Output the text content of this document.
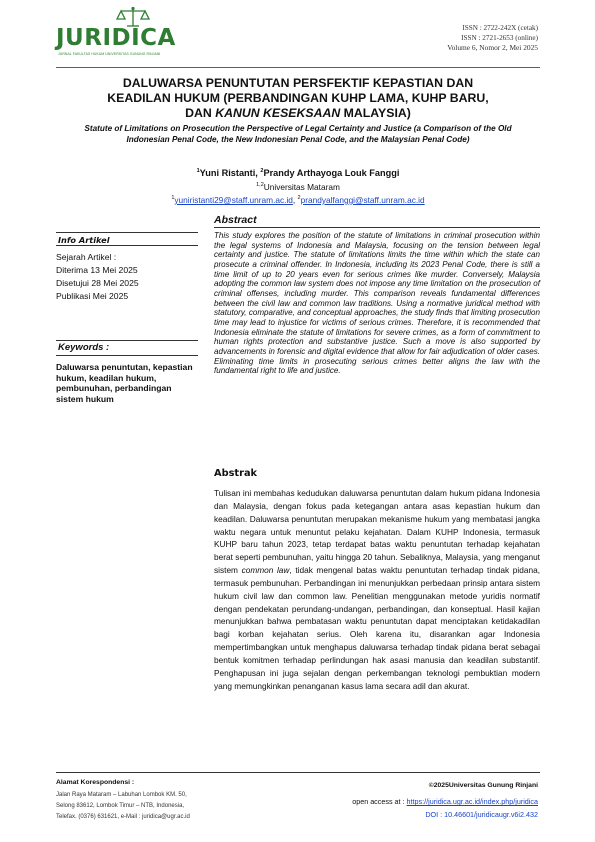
JURIDICA
JURNAL FAKULTAS HUKUM UNIVERSITAS GUNUNG RINJANI
ISSN : 2722-242X (cetak)
ISSN : 2721-2653 (online)
Volume 6, Nomor 2, Mei 2025
DALUWARSA PENUNTUTAN PERSFEKTIF KEPASTIAN DAN
KEADILAN HUKUM (PERBANDINGAN KUHP LAMA, KUHP BARU,
DAN KANUN KESEKSAAN MALAYSIA)
Statute of Limitations on Prosecution the Perspective of Legal Certainty and Justice (a Comparison of the Old Indonesian Penal Code, the New Indonesian Penal Code, and the Malaysian Penal Code)
$^1$Yuni Ristanti, $^2$Prandy Arthayoga Louk Fanggi
$^{1,2}$Universitas Mataram
$^1$yuniristanti29@staff.unram.ac.id, $^2$prandyalfanggi@staff.unram.ac.id
Info Artikel
Sejarah Artikel :
Diterima 13 Mei 2025
Disetujui 28 Mei 2025
Publikasi Mei 2025
Keywords :
Daluwarsa penuntutan, kepastian hukum, keadilan hukum, pembunuhan, perbandingan sistem hukum
Abstract
This study explores the position of the statute of limitations in criminal prosecution within the legal systems of Indonesia and Malaysia, focusing on the tension between legal certainty and justice. The statute of limitations limits the time within which the state can prosecute a criminal offender. In Indonesia, including its 2023 Penal Code, there is still a time limit of up to 20 years even for serious crimes like murder. Conversely, Malaysia adopting the common law system does not impose any time limitation on the prosecution of criminal offenses, including murder. This comparison reveals fundamental differences between the civil law and common law traditions. Using a normative juridical method with statutory, comparative, and conceptual approaches, the study finds that limiting prosecution time may lead to injustice for victims of serious crimes. Therefore, it is recommended that Indonesia eliminate the statute of limitations for severe crimes, as a form of commitment to human rights protection and substantive justice. Such a move is also supported by advancements in forensic and digital evidence that allow for fair adjudication of older cases. Eliminating time limits in prosecuting serious crimes better aligns the law with the fundamental right to life and justice.
Abstrak
Tulisan ini membahas kedudukan daluwarsa penuntutan dalam hukum pidana Indonesia dan Malaysia, dengan fokus pada ketegangan antara asas kepastian hukum dan keadilan. Daluwarsa penuntutan merupakan mekanisme hukum yang membatasi jangka waktu negara untuk menuntut pelaku kejahatan. Dalam KUHP Indonesia, termasuk KUHP baru tahun 2023, tetap terdapat batas waktu penuntutan terhadap kejahatan berat seperti pembunuhan, yaitu hingga 20 tahun. Sebaliknya, Malaysia, yang menganut sistem common law, tidak mengenal batas waktu penuntutan terhadap tindak pidana, termasuk pembunuhan. Perbandingan ini menunjukkan perbedaan prinsip antara sistem hukum civil law dan common law. Penelitian menggunakan metode yuridis normatif dengan pendekatan perundang-undangan, perbandingan, dan konseptual. Hasil kajian menunjukkan bahwa pembatasan waktu penuntutan dapat menciptakan ketidakadilan bagi korban kejahatan serius. Oleh karena itu, disarankan agar Indonesia mempertimbangkan untuk menghapus daluwarsa terhadap tindak pidana berat sebagai bentuk komitmen terhadap perlindungan hak asasi manusia dan keadilan substantif. Penghapusan ini juga sejalan dengan perkembangan teknologi pembuktian modern yang memungkinkan penanganan kasus lama secara adil dan akurat.
Alamat Korespondensi :
Jalan Raya Mataram – Labuhan Lombok KM. 50,
Selong 83612, Lombok Timur – NTB, Indonesia,
Telefax. (0376) 631621, e-Mail : juridica@ugr.ac.id
©2025Universitas Gunung Rinjani
open access at : https://juridica.ugr.ac.id/index.php/juridica
DOI : 10.46601/juridicaugr.v6i2.432
